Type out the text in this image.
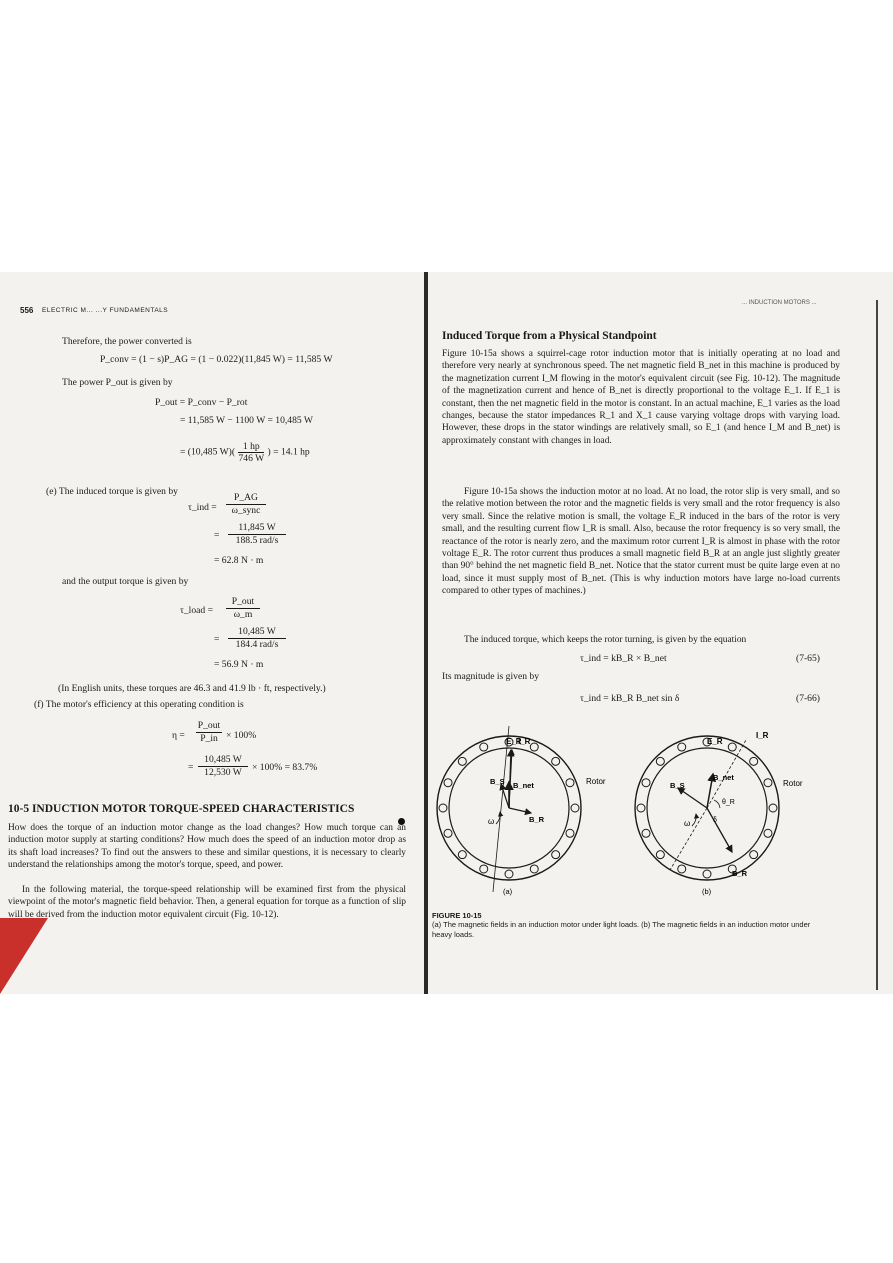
556 ELECTRIC M... ...Y FUNDAMENTALS
Therefore, the power converted is
P_conv = (1 − s)P_AG = (1 − 0.022)(11,845 W) = 11,585 W
The power P_out is given by
P_out = P_conv − P_rot
= 11,585 W − 1100 W = 10,485 W
= (10,485 $W)( \frac{1 hp}{746 W}$ ) = 14.1 hp
(e) The induced torque is given by
τ_ind =
P_AG
ω_sync
=
11,845 W
188.5 rad/s
= 62.8 N · m
and the output torque is given by
τ_load =
P_out
ω_m
=
10,485 W
184.4 rad/s
= 56.9 N · m
(In English units, these torques are 46.3 and 41.9 lb · ft, respectively.)
(f) The motor's efficiency at this operating condition is
η =
P_out
P_in × 100%
= $\frac{10,485 W}{12,530 W} \times 100\% = 83.7\%$
10-5 INDUCTION MOTOR TORQUE-SPEED CHARACTERISTICS
How does the torque of an induction motor change as the load changes? How much torque can an induction motor supply at starting conditions? How much does the speed of an induction motor drop as its shaft load increases? To find out the answers to these and similar questions, it is necessary to clearly understand the relationships among the motor's torque, speed, and power.
In the following material, the torque-speed relationship will be examined first from the physical viewpoint of the motor's magnetic field behavior. Then, a general equation for torque as a function of slip will be derived from the induction motor equivalent circuit (Fig. 10-12).
... INDUCTION MOTORS ...
Induced Torque from a Physical Standpoint
Figure 10-15a shows a squirrel-cage rotor induction motor that is initially operating at no load and therefore very nearly at synchronous speed. The net magnetic field B_net in this machine is produced by the magnetization current I_M flowing in the motor's equivalent circuit (see Fig. 10-12). The magnitude of the magnetization current and hence of B_net is directly proportional to the voltage E_1. If E_1 is constant, then the net magnetic field in the motor is constant. In an actual machine, E_1 varies as the load changes, because the stator impedances R_1 and X_1 cause varying voltage drops with varying load. However, these drops in the stator windings are relatively small, so E_1 (and hence I_M and B_net) is approximately constant with changes in load.
Figure 10-15a shows the induction motor at no load. At no load, the rotor slip is very small, and so the relative motion between the rotor and the magnetic fields is very small and the rotor frequency is also very small. Since the relative motion is small, the voltage E_R induced in the bars of the rotor is very small, and the resulting current flow I_R is small. Also, because the rotor frequency is so very small, the reactance of the rotor is nearly zero, and the maximum rotor current I_R is almost in phase with the rotor voltage E_R. The rotor current thus produces a small magnetic field B_R at an angle just slightly greater than 90° behind the net magnetic field B_net. Notice that the stator current must be quite large even at no load, since it must supply most of B_net. (This is why induction motors have large no-load currents compared to other types of machines.)
The induced torque, which keeps the rotor turning, is given by the equation
τ_ind = kB_R × B_net	(7-65)
Its magnitude is given by
τ_ind = kB_R B_net sin δ	(7-66)
E_R
I_R
B_S B_net
B_R
ω
Rotor
(a)
E_R
I_R
B_S
B_net
B_R
θ_R
δ
ω
Rotor
(b)
FIGURE 10-15
(a) The magnetic fields in an induction motor under light loads. (b) The magnetic fields in an induction motor under heavy loads.
